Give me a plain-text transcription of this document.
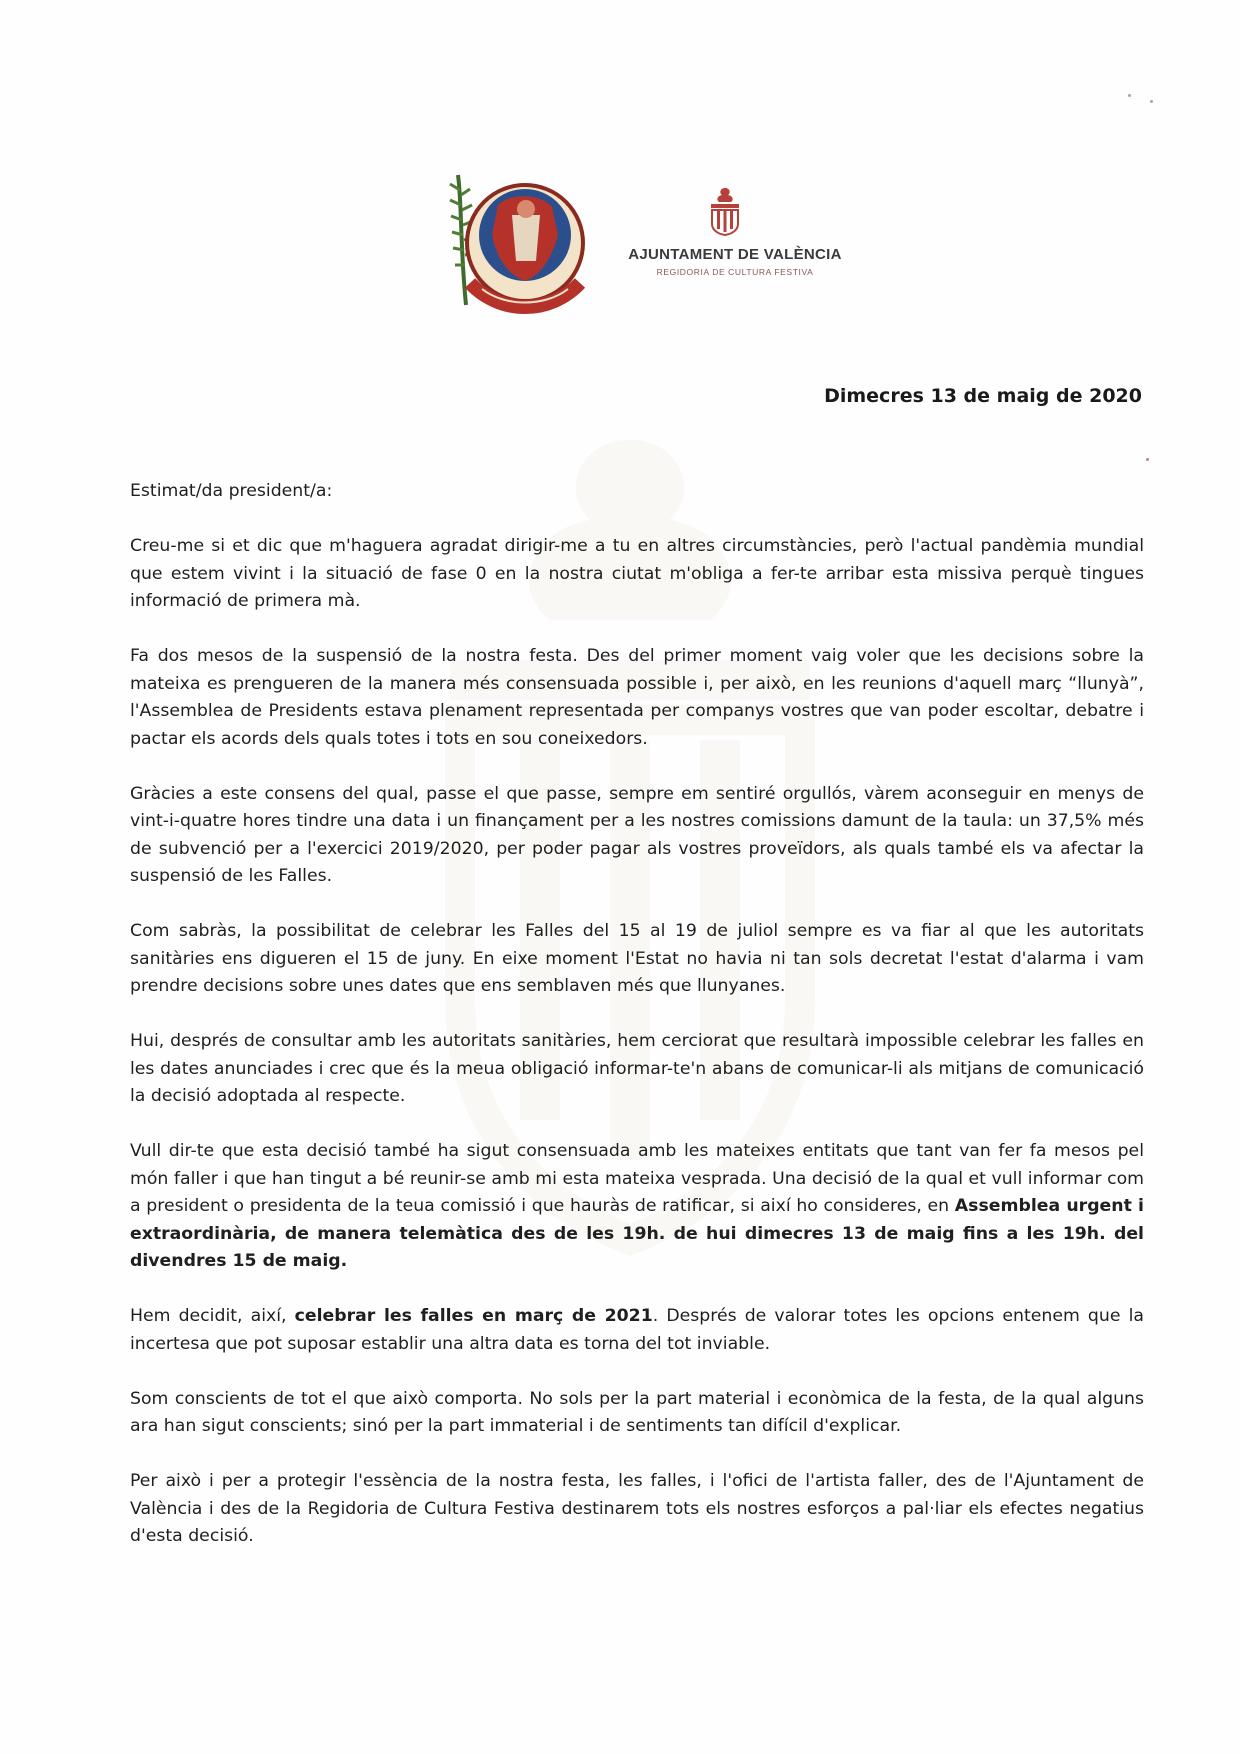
AJUNTAMENT DE VALÈNCIA
REGIDORIA DE CULTURA FESTIVA
Dimecres 13 de maig de 2020

Estimat/da president/a:

Creu-me si et dic que m'haguera agradat dirigir-me a tu en altres circumstàncies, però l'actual pandèmia mundial que estem vivint i la situació de fase 0 en la nostra ciutat m'obliga a fer-te arribar esta missiva perquè tingues informació de primera mà.

Fa dos mesos de la suspensió de la nostra festa. Des del primer moment vaig voler que les decisions sobre la mateixa es prengueren de la manera més consensuada possible i, per això, en les reunions d'aquell març “llunyà”, l'Assemblea de Presidents estava plenament representada per companys vostres que van poder escoltar, debatre i pactar els acords dels quals totes i tots en sou coneixedors.

Gràcies a este consens del qual, passe el que passe, sempre em sentiré orgullós, vàrem aconseguir en menys de vint-i-quatre hores tindre una data i un finançament per a les nostres comissions damunt de la taula: un 37,5% més de subvenció per a l'exercici 2019/2020, per poder pagar als vostres proveïdors, als quals també els va afectar la suspensió de les Falles.

Com sabràs, la possibilitat de celebrar les Falles del 15 al 19 de juliol sempre es va fiar al que les autoritats sanitàries ens digueren el 15 de juny. En eixe moment l'Estat no havia ni tan sols decretat l'estat d'alarma i vam prendre decisions sobre unes dates que ens semblaven més que llunyanes.

Hui, després de consultar amb les autoritats sanitàries, hem cerciorat que resultarà impossible celebrar les falles en les dates anunciades i crec que és la meua obligació informar-te'n abans de comunicar-li als mitjans de comunicació la decisió adoptada al respecte.

Vull dir-te que esta decisió també ha sigut consensuada amb les mateixes entitats que tant van fer fa mesos pel món faller i que han tingut a bé reunir-se amb mi esta mateixa vesprada. Una decisió de la qual et vull informar com a president o presidenta de la teua comissió i que hauràs de ratificar, si així ho consideres, en Assemblea urgent i extraordinària, de manera telemàtica des de les 19h. de hui dimecres 13 de maig fins a les 19h. del divendres 15 de maig.

Hem decidit, així, celebrar les falles en març de 2021. Després de valorar totes les opcions entenem que la incertesa que pot suposar establir una altra data es torna del tot inviable.

Som conscients de tot el que això comporta. No sols per la part material i econòmica de la festa, de la qual alguns ara han sigut conscients; sinó per la part immaterial i de sentiments tan difícil d'explicar.

Per això i per a protegir l'essència de la nostra festa, les falles, i l'ofici de l'artista faller, des de l'Ajuntament de València i des de la Regidoria de Cultura Festiva destinarem tots els nostres esforços a pal·liar els efectes negatius d'esta decisió.
